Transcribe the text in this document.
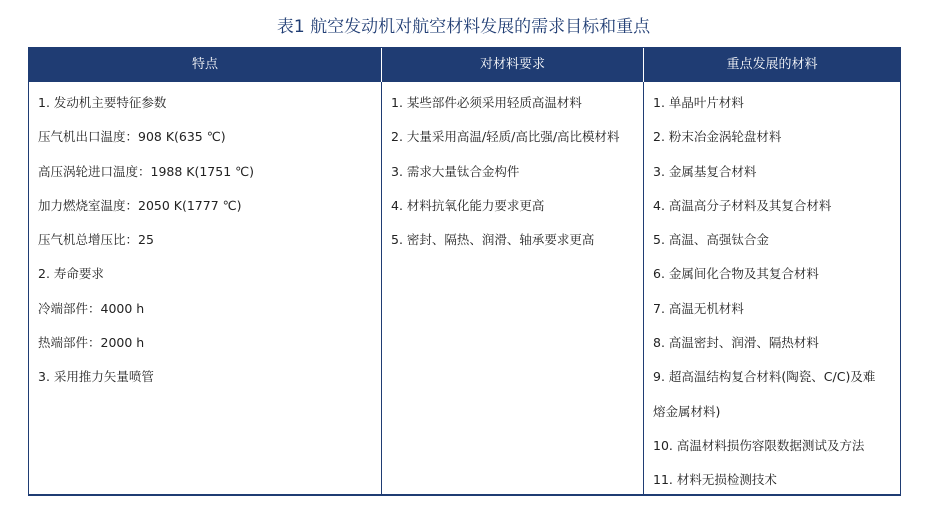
表1 航空发动机对航空材料发展的需求目标和重点
特点
1. 发动机主要特征参数
压气机出口温度：908 K(635 ℃)
高压涡轮进口温度：1988 K(1751 ℃)
加力燃烧室温度：2050 K(1777 ℃)
压气机总增压比：25
2. 寿命要求
冷端部件：4000 h
热端部件：2000 h
3. 采用推力矢量喷管
对材料要求
1. 某些部件必须采用轻质高温材料
2. 大量采用高温/轻质/高比强/高比模材料
3. 需求大量钛合金构件
4. 材料抗氧化能力要求更高
5. 密封、隔热、润滑、轴承要求更高
重点发展的材料
1. 单晶叶片材料
2. 粉末冶金涡轮盘材料
3. 金属基复合材料
4. 高温高分子材料及其复合材料
5. 高温、高强钛合金
6. 金属间化合物及其复合材料
7. 高温无机材料
8. 高温密封、润滑、隔热材料
9. 超高温结构复合材料(陶瓷、C/C)及难
熔金属材料)
10. 高温材料损伤容限数据测试及方法
11. 材料无损检测技术
